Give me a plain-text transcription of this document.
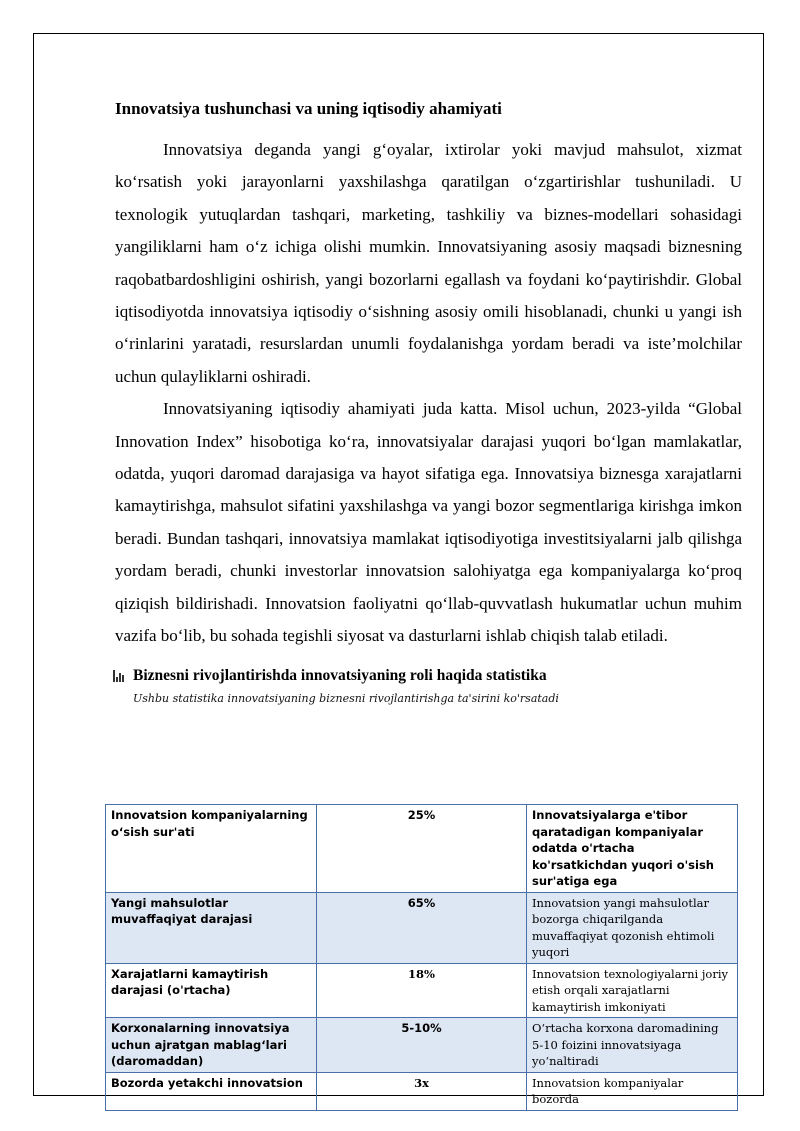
Innovatsiya tushunchasi va uning iqtisodiy ahamiyati

Innovatsiya deganda yangi g‘oyalar, ixtirolar yoki mavjud mahsulot, xizmat ko‘rsatish yoki jarayonlarni yaxshilashga qaratilgan o‘zgartirishlar tushuniladi. U texnologik yutuqlardan tashqari, marketing, tashkiliy va biznes-modellari sohasidagi yangiliklarni ham o‘z ichiga olishi mumkin. Innovatsiyaning asosiy maqsadi biznesning raqobatbardoshligini oshirish, yangi bozorlarni egallash va foydani ko‘paytirishdir. Global iqtisodiyotda innovatsiya iqtisodiy o‘sishning asosiy omili hisoblanadi, chunki u yangi ish o‘rinlarini yaratadi, resurslardan unumli foydalanishga yordam beradi va iste’molchilar uchun qulayliklarni oshiradi.

Innovatsiyaning iqtisodiy ahamiyati juda katta. Misol uchun, 2023-yilda “Global Innovation Index” hisobotiga ko‘ra, innovatsiyalar darajasi yuqori bo‘lgan mamlakatlar, odatda, yuqori daromad darajasiga va hayot sifatiga ega. Innovatsiya biznesga xarajatlarni kamaytirishga, mahsulot sifatini yaxshilashga va yangi bozor segmentlariga kirishga imkon beradi. Bundan tashqari, innovatsiya mamlakat iqtisodiyotiga investitsiyalarni jalb qilishga yordam beradi, chunki investorlar innovatsion salohiyatga ega kompaniyalarga ko‘proq qiziqish bildirishadi. Innovatsion faoliyatni qo‘llab-quvvatlash hukumatlar uchun muhim vazifa bo‘lib, bu sohada tegishli siyosat va dasturlarni ishlab chiqish talab etiladi.

Biznesni rivojlantirishda innovatsiyaning roli haqida statistika
Ushbu statistika innovatsiyaning biznesni rivojlantirishga ta'sirini ko'rsatadi
Innovatsion kompaniyalarning o‘sish sur'ati	25%	Innovatsiyalarga e'tibor qaratadigan kompaniyalar odatda o'rtacha ko'rsatkichdan yuqori o'sish sur'atiga ega
Yangi mahsulotlar muvaffaqiyat darajasi	65%	Innovatsion yangi mahsulotlar bozorga chiqarilganda muvaffaqiyat qozonish ehtimoli yuqori
Xarajatlarni kamaytirish darajasi (o'rtacha)	18%	Innovatsion texnologiyalarni joriy etish orqali xarajatlarni kamaytirish imkoniyati
Korxonalarning innovatsiya uchun ajratgan mablag‘lari (daromaddan)	5-10%	O‘rtacha korxona daromadining 5-10 foizini innovatsiyaga yo‘naltiradi
Bozorda yetakchi innovatsion	3x	Innovatsion kompaniyalar bozorda
